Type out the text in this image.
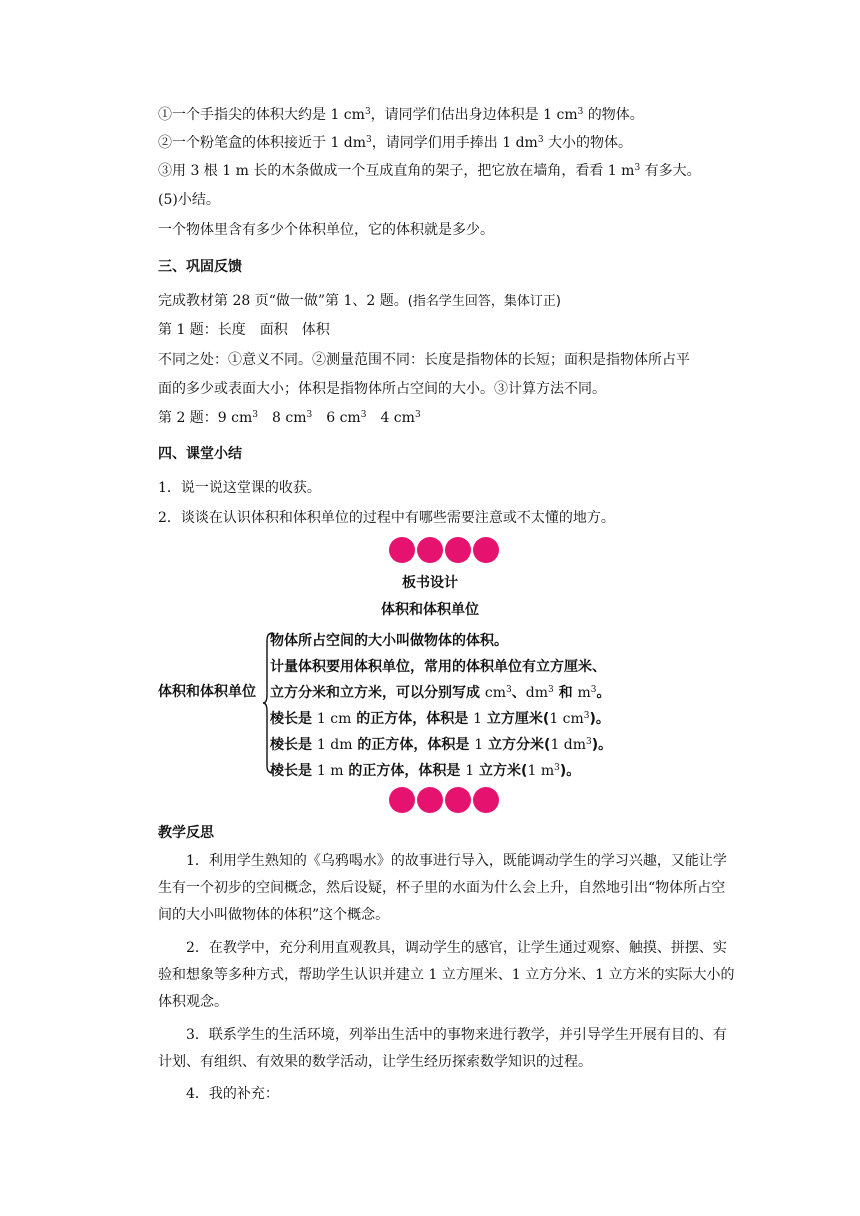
①一个手指尖的体积大约是 1 $cm^3$，请同学们估出身边体积是 1 $cm^3$ 的物体。
②一个粉笔盒的体积接近于 1 $dm^3$，请同学们用手捧出 1 $dm^3$ 大小的物体。
③用 3 根 1 m 长的木条做成一个互成直角的架子，把它放在墙角，看看 1 $m^3$ 有多大。
(5)小结。
一个物体里含有多少个体积单位，它的体积就是多少。
三、巩固反馈
完成教材第 28 页“做一做”第 1、2 题。(指名学生回答，集体订正)
第 1 题：长度　面积　体积
不同之处：①意义不同。②测量范围不同：长度是指物体的长短；面积是指物体所占平
面的多少或表面大小；体积是指物体所占空间的大小。③计算方法不同。
第 2 题：9 $cm^3$　8 $cm^3$　6 $cm^3$　4 $cm^3$
四、课堂小结
1．说一说这堂课的收获。
2．谈谈在认识体积和体积单位的过程中有哪些需要注意或不太懂的地方。
板书设计
体积和体积单位
体积和体积单位
物体所占空间的大小叫做物体的体积。
计量体积要用体积单位，常用的体积单位有立方厘米、
立方分米和立方米，可以分别写成 $cm^3$、$dm^3$ 和 $m^3$。
棱长是 1 cm 的正方体，体积是 1 立方厘米(1 $cm^3$)。
棱长是 1 dm 的正方体，体积是 1 立方分米(1 $dm^3$)。
棱长是 1 m 的正方体，体积是 1 立方米(1 $m^3$)。
教学反思
　　1．利用学生熟知的《乌鸦喝水》的故事进行导入，既能调动学生的学习兴趣，又能让学生有一个初步的空间概念，然后设疑，杯子里的水面为什么会上升，自然地引出“物体所占空间的大小叫做物体的体积”这个概念。
　　2．在教学中，充分利用直观教具，调动学生的感官，让学生通过观察、触摸、拼摆、实验和想象等多种方式，帮助学生认识并建立 1 立方厘米、1 立方分米、1 立方米的实际大小的体积观念。
　　3．联系学生的生活环境，列举出生活中的事物来进行教学，并引导学生开展有目的、有计划、有组织、有效果的数学活动，让学生经历探索数学知识的过程。
　　4．我的补充：
